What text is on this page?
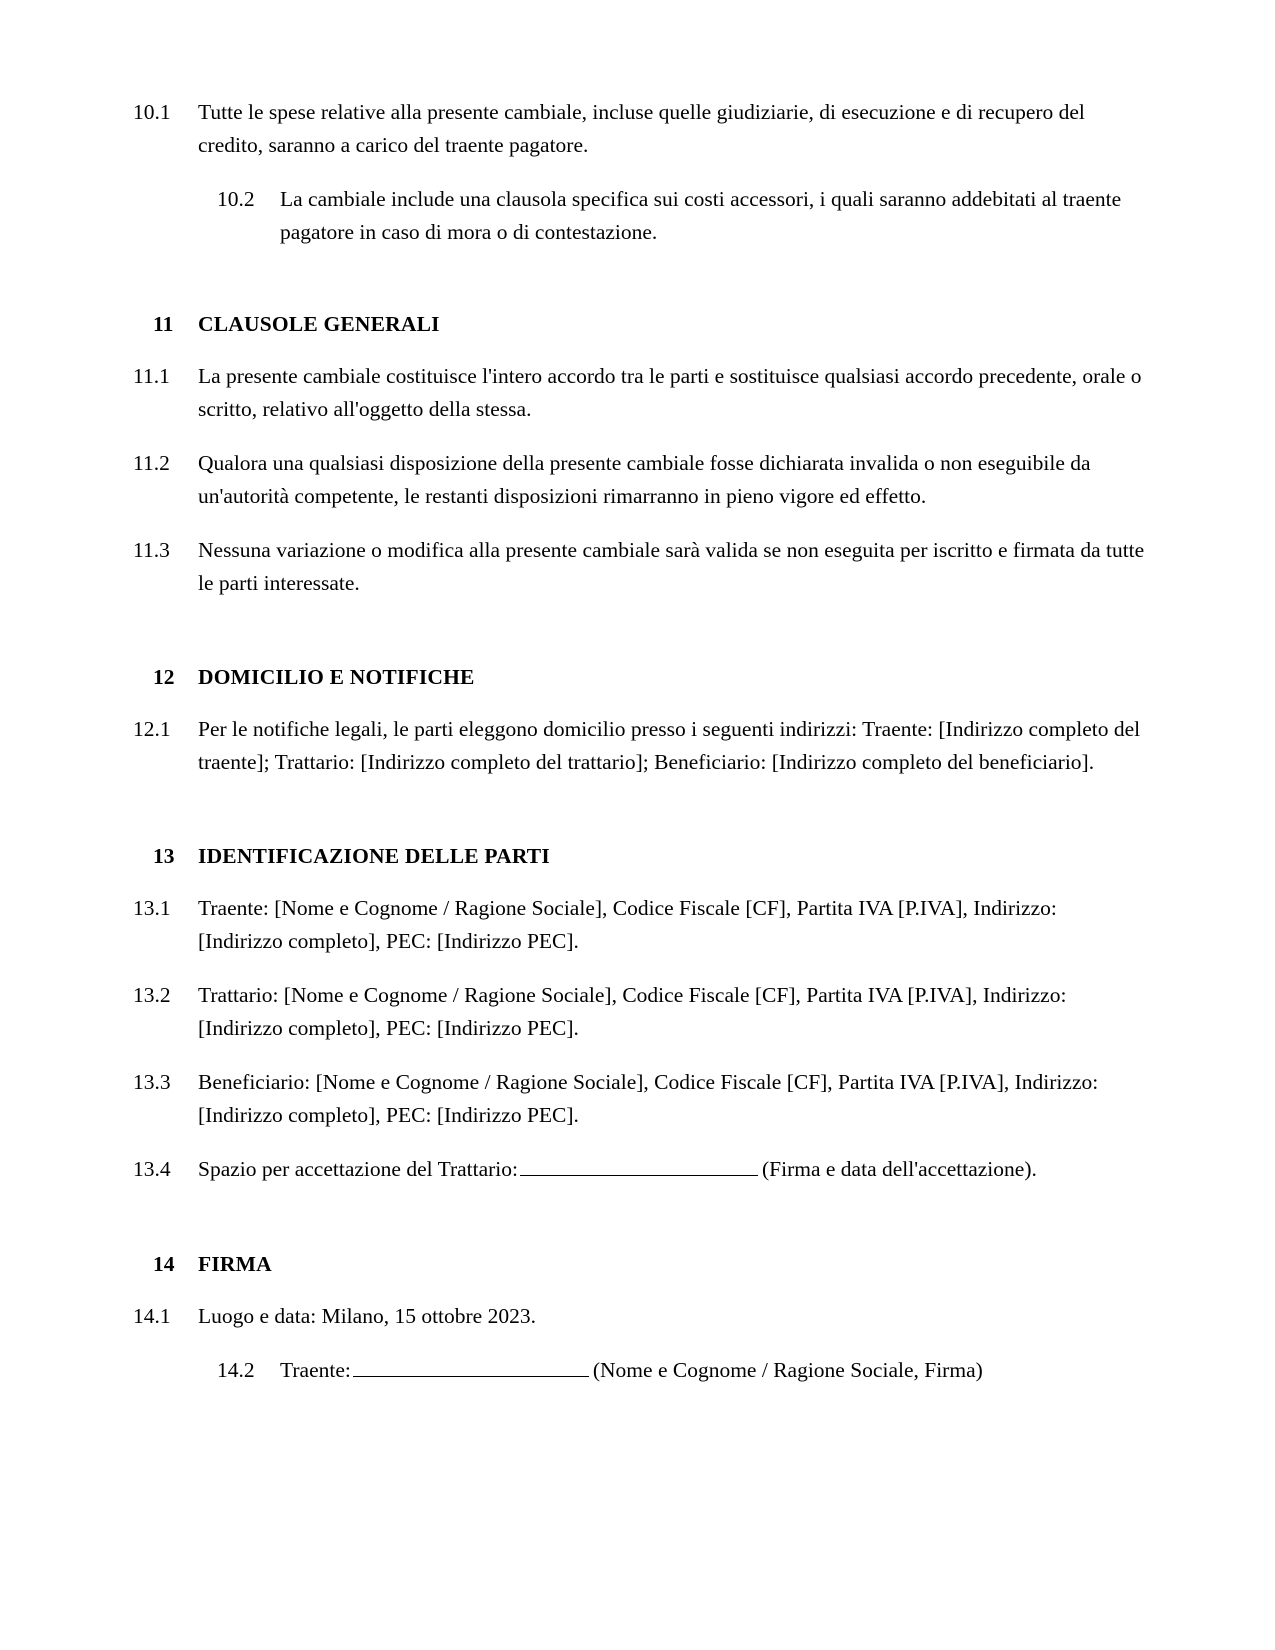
10.1	Tutte le spese relative alla presente cambiale, incluse quelle giudiziarie, di esecuzione e di recupero del credito, saranno a carico del traente pagatore.
10.2	La cambiale include una clausola specifica sui costi accessori, i quali saranno addebitati al traente pagatore in caso di mora o di contestazione.
11	CLAUSOLE GENERALI
11.1	La presente cambiale costituisce l'intero accordo tra le parti e sostituisce qualsiasi accordo precedente, orale o scritto, relativo all'oggetto della stessa.
11.2	Qualora una qualsiasi disposizione della presente cambiale fosse dichiarata invalida o non eseguibile da un'autorità competente, le restanti disposizioni rimarranno in pieno vigore ed effetto.
11.3	Nessuna variazione o modifica alla presente cambiale sarà valida se non eseguita per iscritto e firmata da tutte le parti interessate.
12	DOMICILIO E NOTIFICHE
12.1	Per le notifiche legali, le parti eleggono domicilio presso i seguenti indirizzi: Traente: [Indirizzo completo del traente]; Trattario: [Indirizzo completo del trattario]; Beneficiario: [Indirizzo completo del beneficiario].
13	IDENTIFICAZIONE DELLE PARTI
13.1	Traente: [Nome e Cognome / Ragione Sociale], Codice Fiscale [CF], Partita IVA [P.IVA], Indirizzo: [Indirizzo completo], PEC: [Indirizzo PEC].
13.2	Trattario: [Nome e Cognome / Ragione Sociale], Codice Fiscale [CF], Partita IVA [P.IVA], Indirizzo: [Indirizzo completo], PEC: [Indirizzo PEC].
13.3	Beneficiario: [Nome e Cognome / Ragione Sociale], Codice Fiscale [CF], Partita IVA [P.IVA], Indirizzo: [Indirizzo completo], PEC: [Indirizzo PEC].
13.4	Spazio per accettazione del Trattario:	(Firma e data dell'accettazione).
14	FIRMA
14.1	Luogo e data: Milano, 15 ottobre 2023.
14.2	Traente:	(Nome e Cognome / Ragione Sociale, Firma)
